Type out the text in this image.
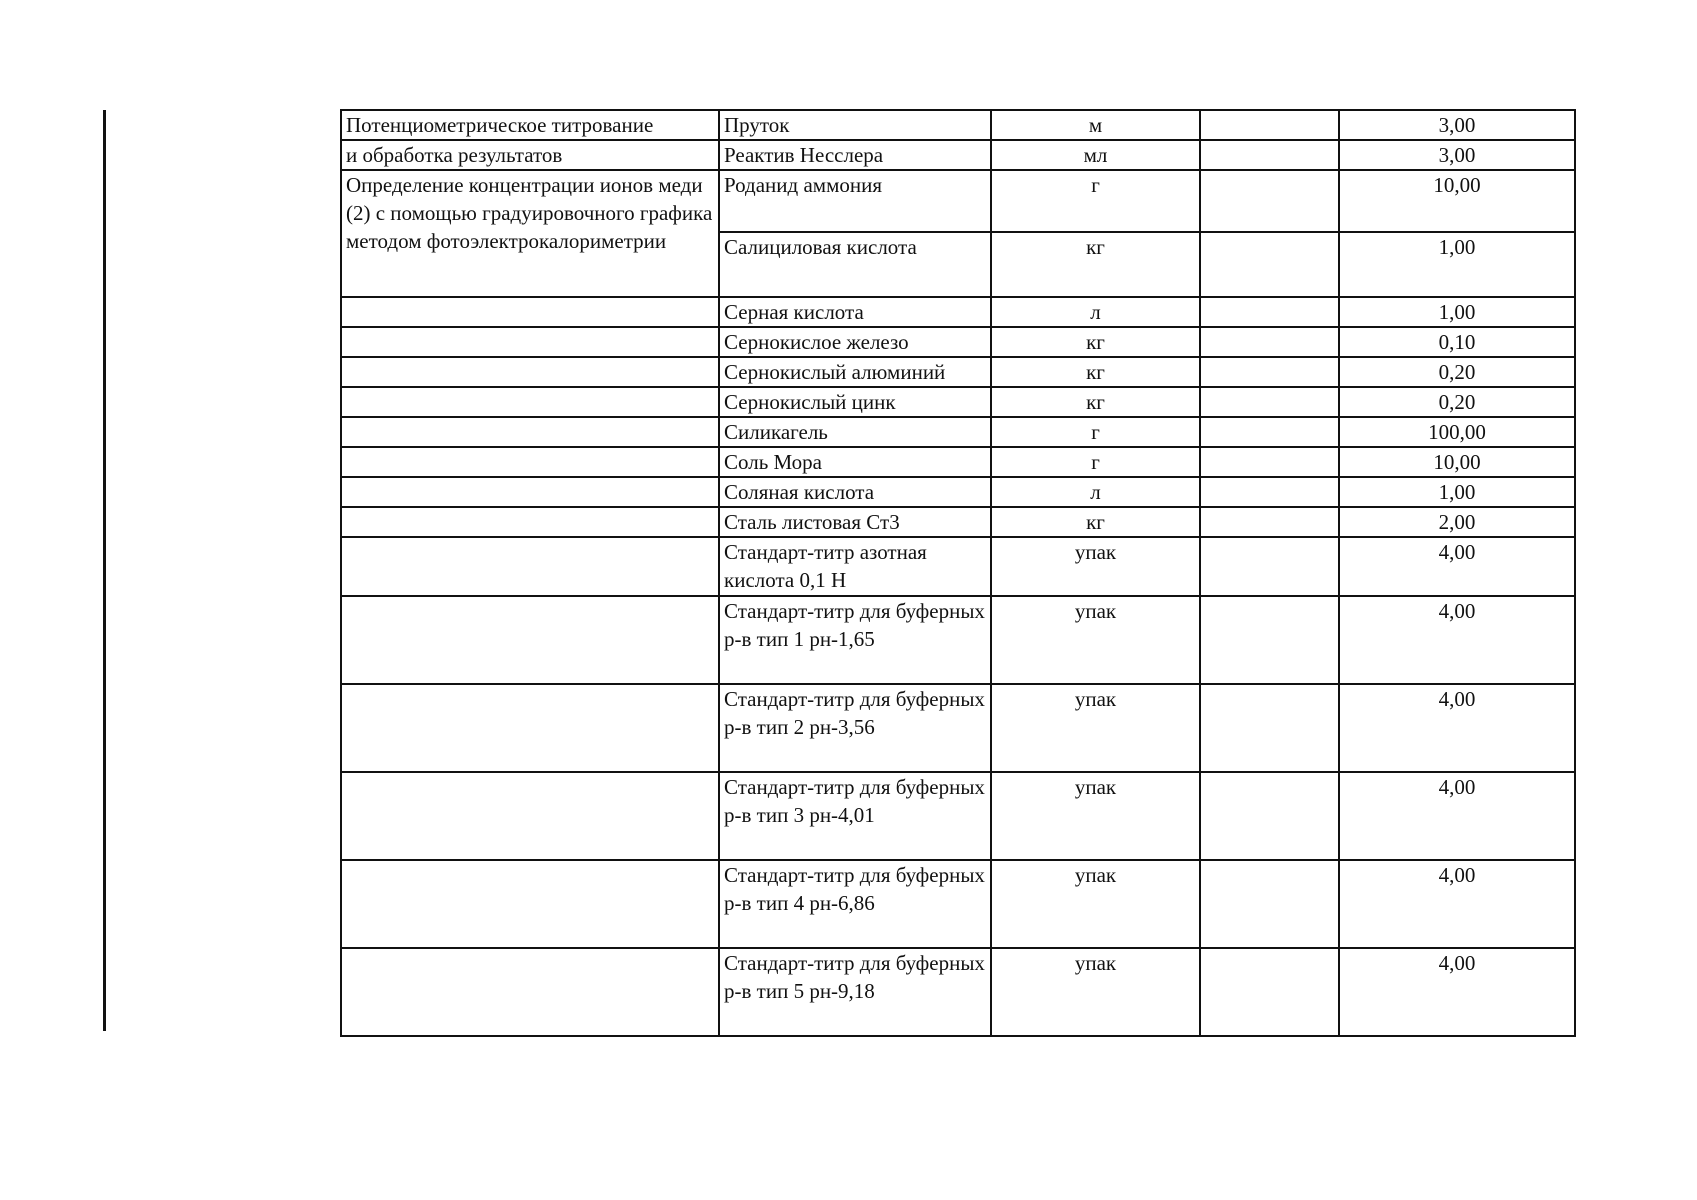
Потенциометрическое титрование	Пруток	м		3,00
и обработка результатов	Реактив Несслера	мл		3,00
Определение концентрации ионов меди (2) с помощью градуировочного графика методом фотоэлектрокалориметрии	Роданид аммония	г		10,00
	Салициловая кислота	кг		1,00
	Серная кислота	л		1,00
	Сернокислое железо	кг		0,10
	Сернокислый алюминий	кг		0,20
	Сернокислый цинк	кг		0,20
	Силикагель	г		100,00
	Соль Мора	г		10,00
	Соляная кислота	л		1,00
	Сталь листовая Ст3	кг		2,00
	Стандарт-титр азотная кислота 0,1 Н	упак		4,00
	Стандарт-титр для буферных р-в тип 1 рн-1,65	упак		4,00
	Стандарт-титр для буферных р-в тип 2 рн-3,56	упак		4,00
	Стандарт-титр для буферных р-в тип 3 рн-4,01	упак		4,00
	Стандарт-титр для буферных р-в тип 4 рн-6,86	упак		4,00
	Стандарт-титр для буферных р-в тип 5 рн-9,18	упак		4,00
